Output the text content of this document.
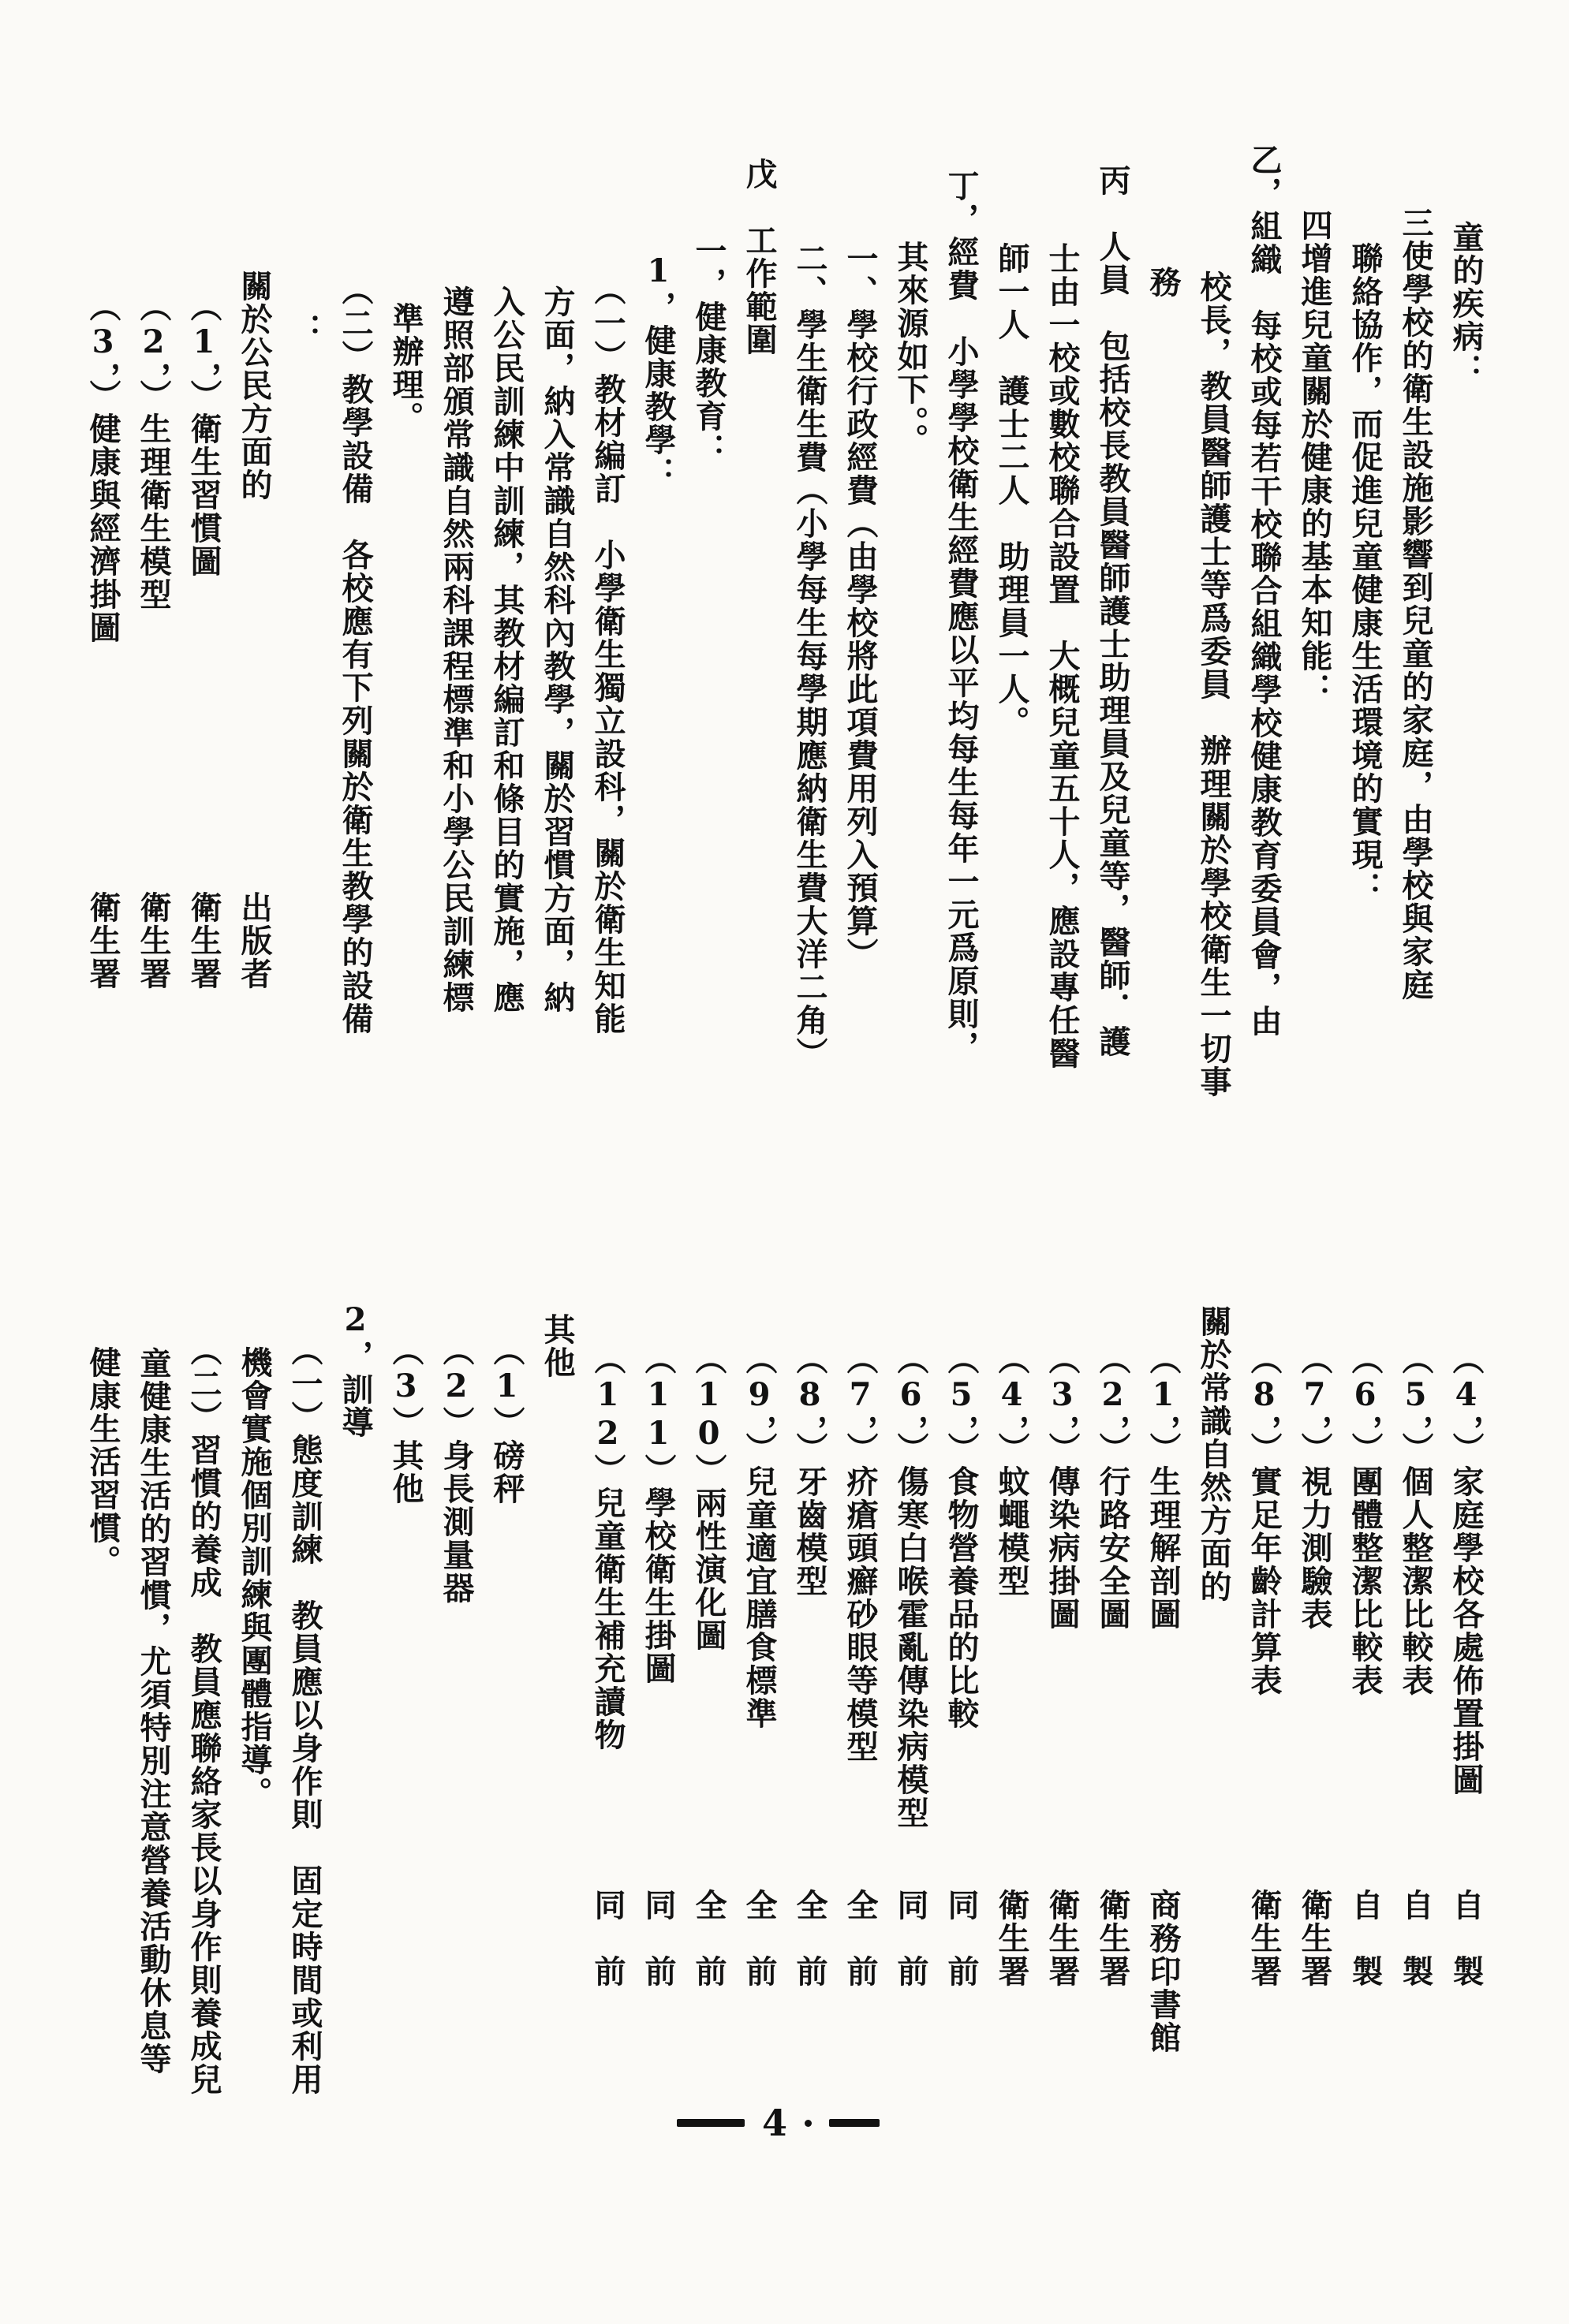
童的疾病：
三使學校的衛生設施影響到兒童的家庭，由學校與家庭
聯絡協作，而促進兒童健康生活環境的實現：
四增進兒童關於健康的基本知能：
乙，組織　每校或每若干校聯合組織學校健康教育委員會，由
校長，教員醫師護士等爲委員　辦理關於學校衛生一切事
務
丙　人員　包括校長教員醫師護士助理員及兒童等，醫師．護
士由一校或數校聯合設置　大概兒童五十人，應設專任醫
師一人　護士二人　助理員一人。
丁，經費　小學學校衛生經費應以平均每生每年一元爲原則，
其來源如下。。
一、學校行政經費（由學校將此項費用列入預算）
二、學生衛生費（小學每生每學期應納衛生費大洋二角）
戊　工作範圍
一，健康教育：
1，健康教學：
（一）教材編訂　小學衛生獨立設科，關於衛生知能
方面，納入常識自然科內教學，關於習慣方面，納
入公民訓練中訓練，其教材編訂和條目的實施，應
遵照部頒常識自然兩科課程標準和小學公民訓練標
準辦理。
（二）教學設備　各校應有下列關於衛生教學的設備
：
關於公民方面的
出版者
（1，）衛生習慣圖
衛生署
（2，）生理衛生模型
衛生署
（3，）健康與經濟掛圖
衛生署
（4，）家庭學校各處佈置掛圖
自　製
（5，）個人整潔比較表
自　製
（6，）團體整潔比較表
自　製
（7，）視力測驗表
衛生署
（8，）實足年齡計算表
衛生署
關於常識自然方面的
（1，）生理解剖圖
商務印書館
（2，）行路安全圖
衛生署
（3，）傳染病掛圖
衛生署
（4，）蚊蠅模型
衛生署
（5，）食物營養品的比較
同　前
（6，）傷寒白喉霍亂傳染病模型
同　前
（7，）疥瘡頭癬砂眼等模型
全　前
（8，）牙齒模型
全　前
（9，）兒童適宜膳食標準
全　前
（10）兩性演化圖
全　前
（11）學校衛生掛圖
同　前
（12）兒童衛生補充讀物
同　前
其他
（1）磅秤
（2）身長測量器
（3）其他
2，訓導
（一）態度訓練　教員應以身作則　固定時間或利用
機會實施個別訓練與團體指導。
（二）習慣的養成　教員應聯絡家長以身作則養成兒
童健康生活的習慣，尤須特別注意營養活動休息等
健康生活習慣。
4
